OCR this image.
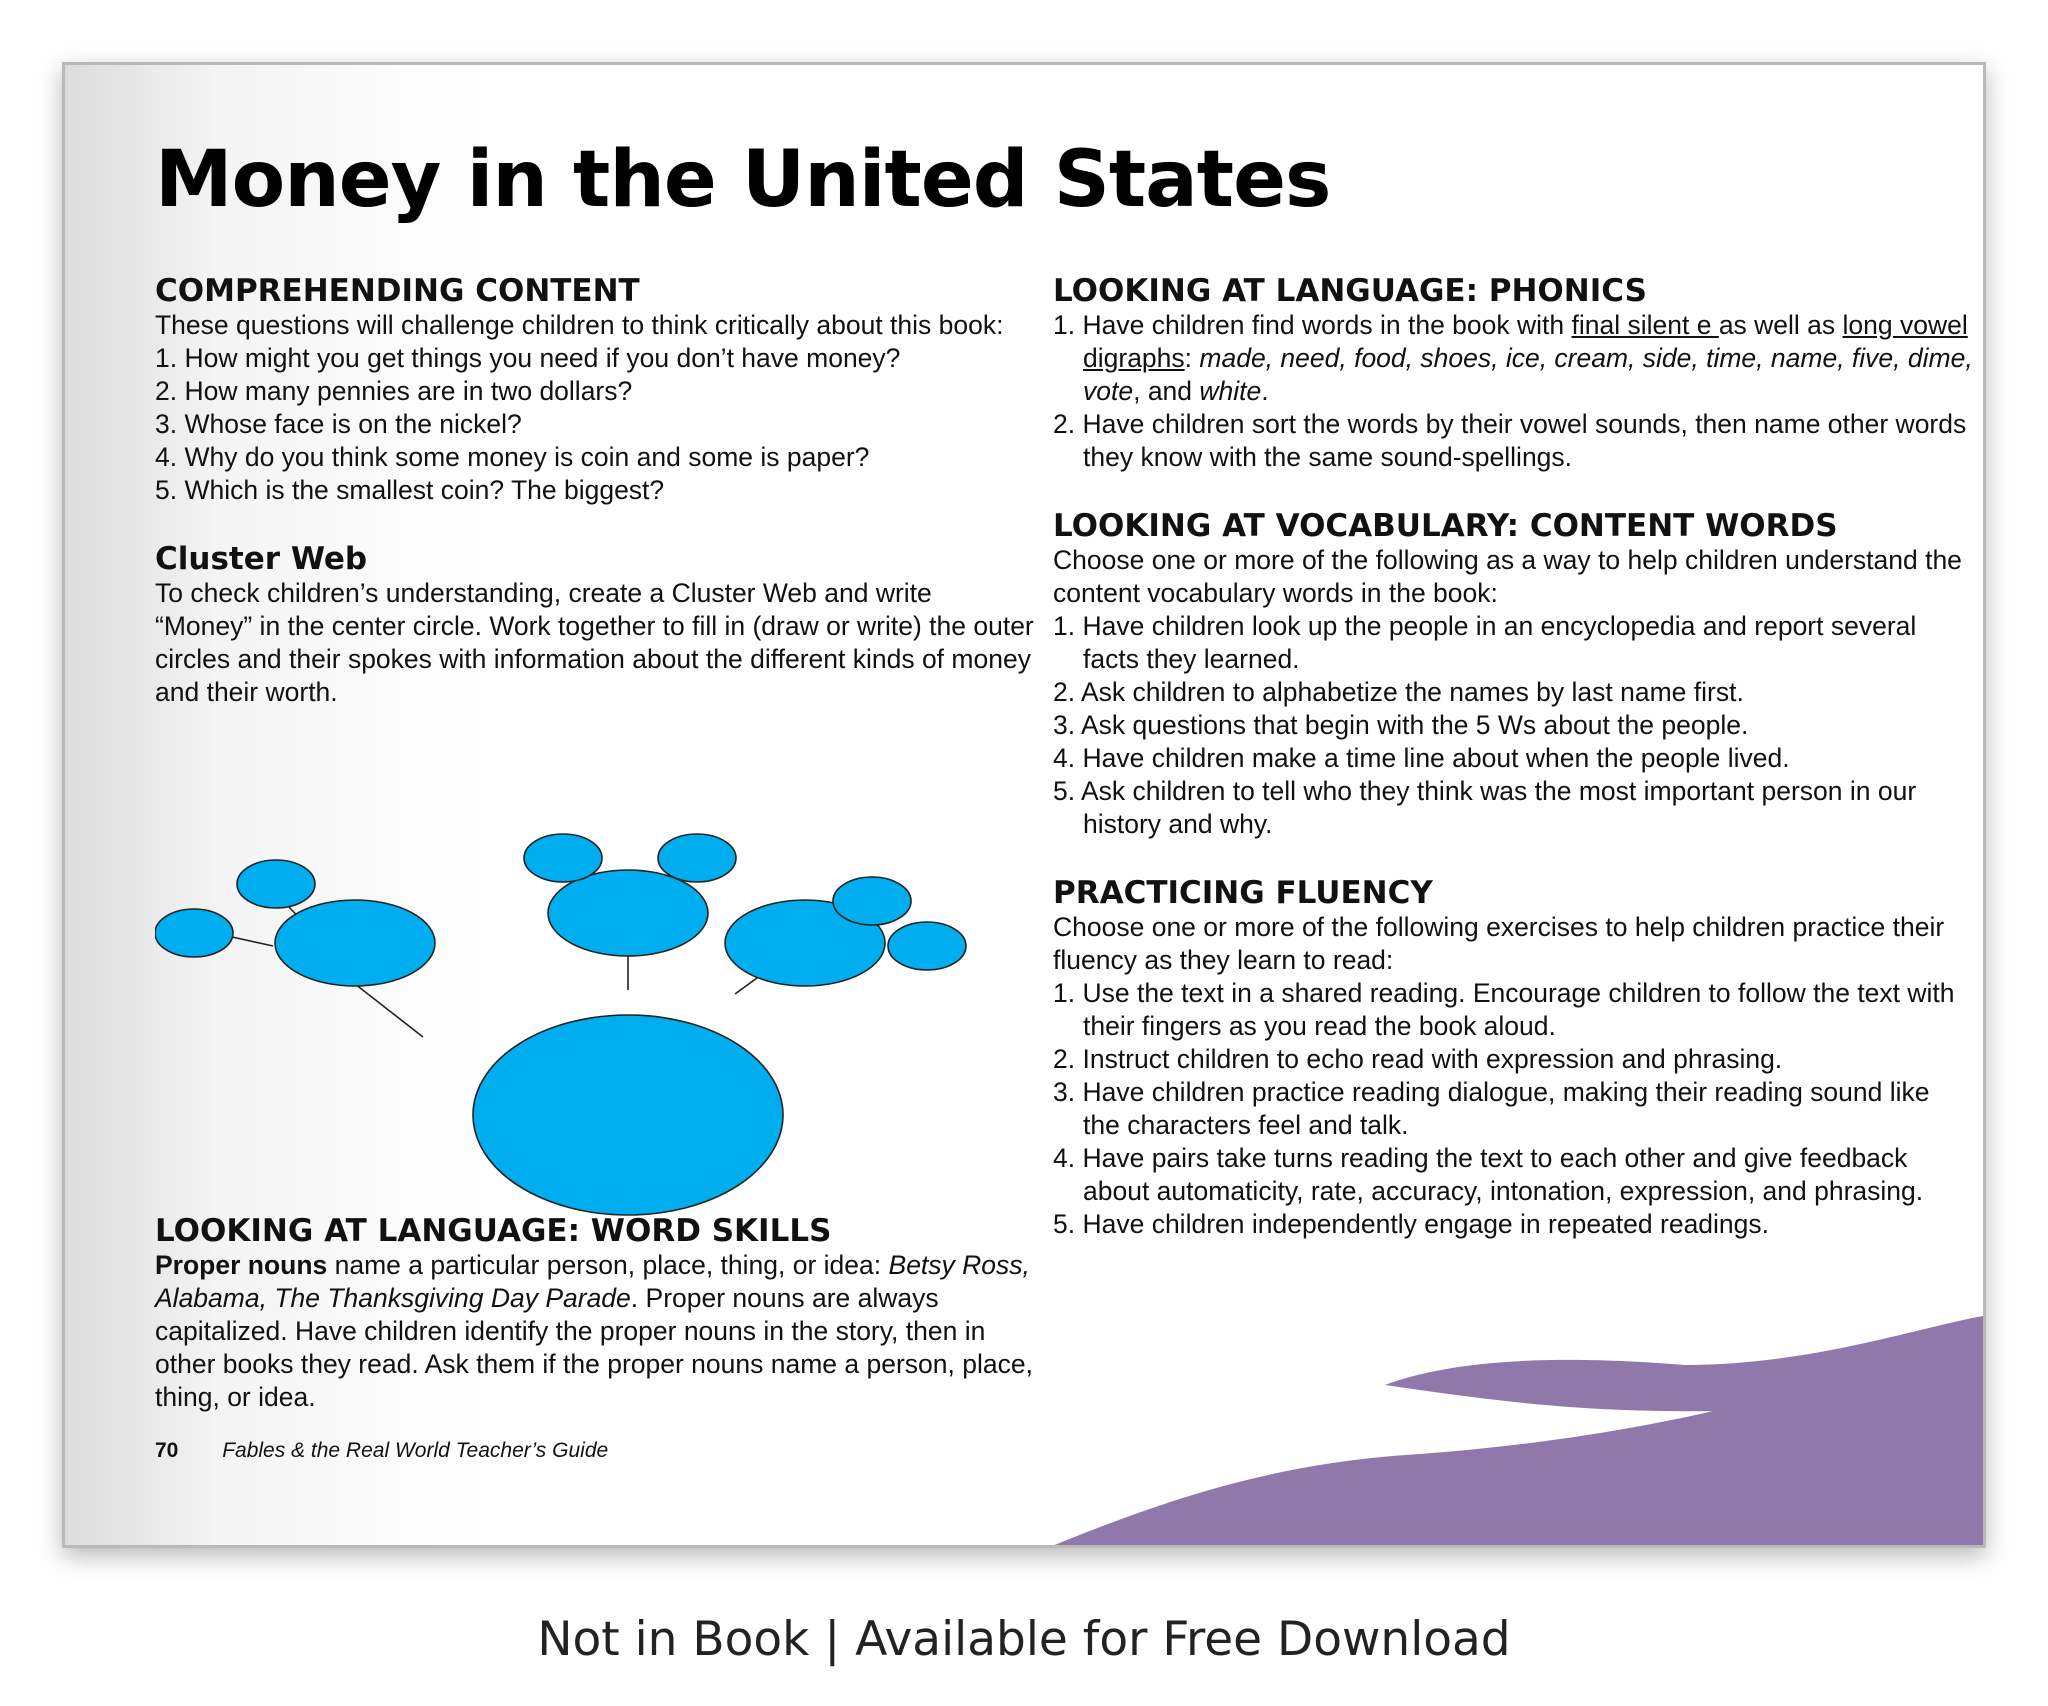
Money in the United States
COMPREHENDING CONTENT

These questions will challenge children to think critically about this book:

1. How might you get things you need if you don’t have money?
2. How many pennies are in two dollars?
3. Whose face is on the nickel?
4. Why do you think some money is coin and some is paper?
5. Which is the smallest coin? The biggest?
Cluster Web

To check children’s understanding, create a Cluster Web and write “Money” in the center circle. Work together to fill in (draw or write) the outer circles and their spokes with information about the different kinds of money and their worth.

LOOKING AT LANGUAGE: WORD SKILLS

Proper nouns name a particular person, place, thing, or idea: Betsy Ross, Alabama, The Thanksgiving Day Parade. Proper nouns are always capitalized. Have children identify the proper nouns in the story, then in other books they read. Ask them if the proper nouns name a person, place, thing, or idea.

LOOKING AT LANGUAGE: PHONICS
1. Have children find words in the book with final silent e as well as long vowel digraphs: made, need, food, shoes, ice, cream, side, time, name, five, dime, vote, and white.
2. Have children sort the words by their vowel sounds, then name other words they know with the same sound-spellings.
LOOKING AT VOCABULARY: CONTENT WORDS

Choose one or more of the following as a way to help children understand the content vocabulary words in the book:

1. Have children look up the people in an encyclopedia and report several facts they learned.
2. Ask children to alphabetize the names by last name first.
3. Ask questions that begin with the 5 Ws about the people.
4. Have children make a time line about when the people lived.
5. Ask children to tell who they think was the most important person in our history and why.
PRACTICING FLUENCY

Choose one or more of the following exercises to help children practice their fluency as they learn to read:

1. Use the text in a shared reading. Encourage children to follow the text with their fingers as you read the book aloud.
2. Instruct children to echo read with expression and phrasing.
3. Have children practice reading dialogue, making their reading sound like the characters feel and talk.
4. Have pairs take turns reading the text to each other and give feedback about automaticity, rate, accuracy, intonation, expression, and phrasing.
5. Have children independently engage in repeated readings.
70 Fables & the Real World Teacher’s Guide
Not in Book | Available for Free Download
